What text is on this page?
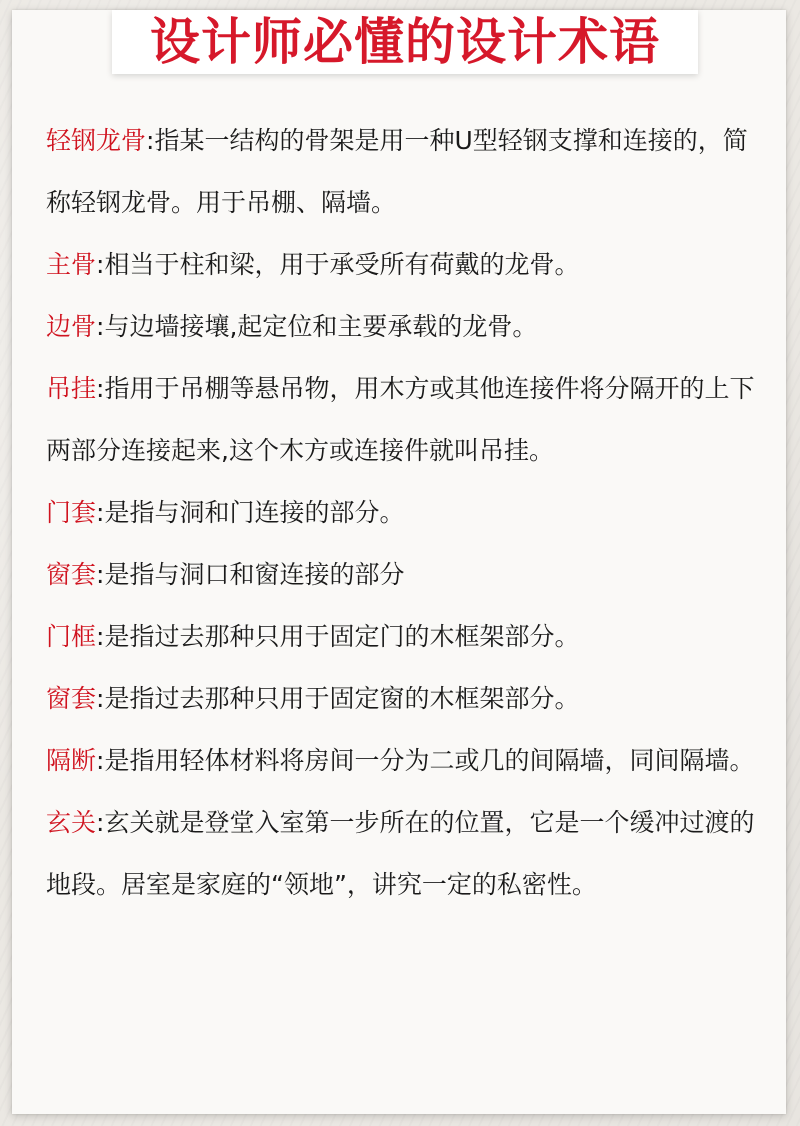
设计师必懂的设计术语

轻钢龙骨:指某一结构的骨架是用一种U型轻钢支撑和连接的，简称轻钢龙骨。用于吊棚、隔墙。

主骨:相当于柱和梁，用于承受所有荷戴的龙骨。

边骨:与边墙接壤,起定位和主要承载的龙骨。

吊挂:指用于吊棚等悬吊物，用木方或其他连接件将分隔开的上下两部分连接起来,这个木方或连接件就叫吊挂。

门套:是指与洞和门连接的部分。

窗套:是指与洞口和窗连接的部分

门框:是指过去那种只用于固定门的木框架部分。

窗套:是指过去那种只用于固定窗的木框架部分。

隔断:是指用轻体材料将房间一分为二或几的间隔墙，同间隔墙。

玄关:玄关就是登堂入室第一步所在的位置，它是一个缓冲过渡的地段。居室是家庭的“领地”，讲究一定的私密性。
